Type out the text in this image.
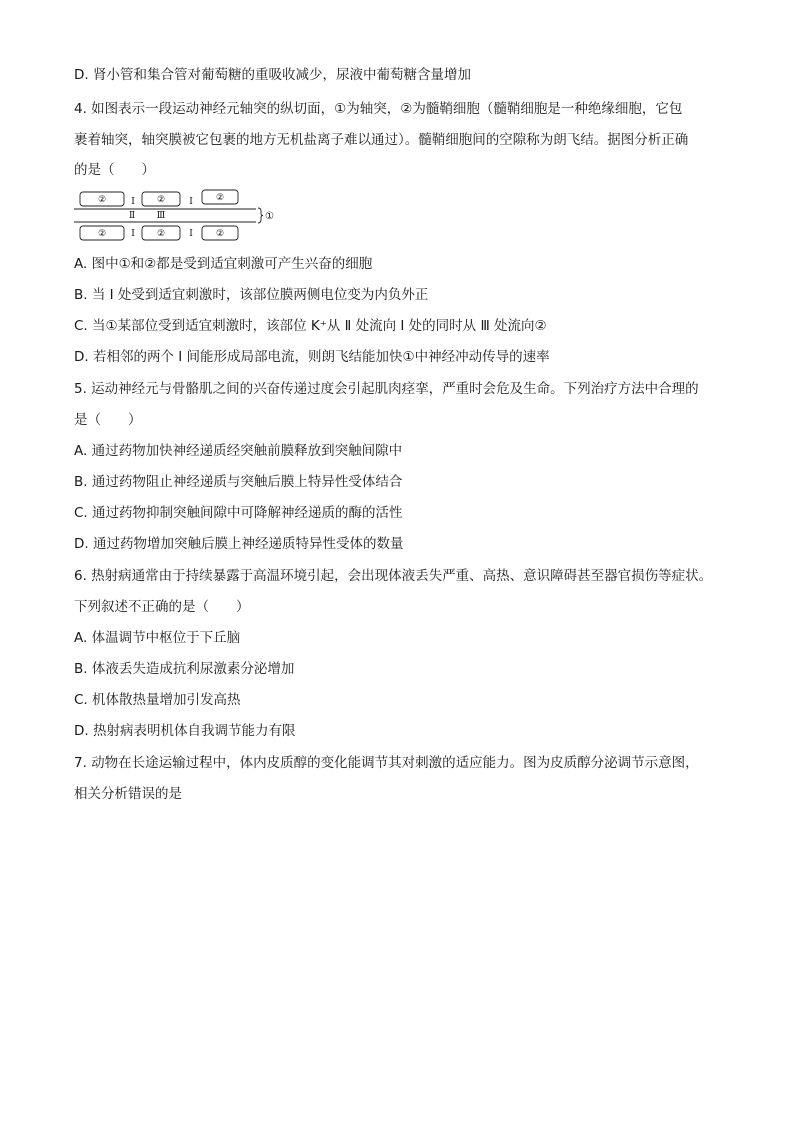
D. 肾小管和集合管对葡萄糖的重吸收减少，尿液中葡萄糖含量增加
4. 如图表示一段运动神经元轴突的纵切面，①为轴突，②为髓鞘细胞（髓鞘细胞是一种绝缘细胞，它包
裹着轴突，轴突膜被它包裹的地方无机盐离子难以通过）。髓鞘细胞间的空隙称为朗飞结。据图分析正确
的是（　　）
②	②	②
Ⅰ	Ⅰ
Ⅱ Ⅲ	①
②	②	②
Ⅰ	Ⅰ
A. 图中①和②都是受到适宜刺激可产生兴奋的细胞
B. 当 Ⅰ 处受到适宜刺激时，该部位膜两侧电位变为内负外正
C. 当①某部位受到适宜刺激时，该部位 K⁺从 Ⅱ 处流向 Ⅰ 处的同时从 Ⅲ 处流向②
D. 若相邻的两个 Ⅰ 间能形成局部电流，则朗飞结能加快①中神经冲动传导的速率
5. 运动神经元与骨骼肌之间的兴奋传递过度会引起肌肉痉挛，严重时会危及生命。下列治疗方法中合理的
是（　　）
A. 通过药物加快神经递质经突触前膜释放到突触间隙中
B. 通过药物阻止神经递质与突触后膜上特异性受体结合
C. 通过药物抑制突触间隙中可降解神经递质的酶的活性
D. 通过药物增加突触后膜上神经递质特异性受体的数量
6. 热射病通常由于持续暴露于高温环境引起，会出现体液丢失严重、高热、意识障碍甚至器官损伤等症状。
下列叙述不正确的是（　　）
A. 体温调节中枢位于下丘脑
B. 体液丢失造成抗利尿激素分泌增加
C. 机体散热量增加引发高热
D. 热射病表明机体自我调节能力有限
7. 动物在长途运输过程中，体内皮质醇的变化能调节其对刺激的适应能力。图为皮质醇分泌调节示意图，
相关分析错误的是
